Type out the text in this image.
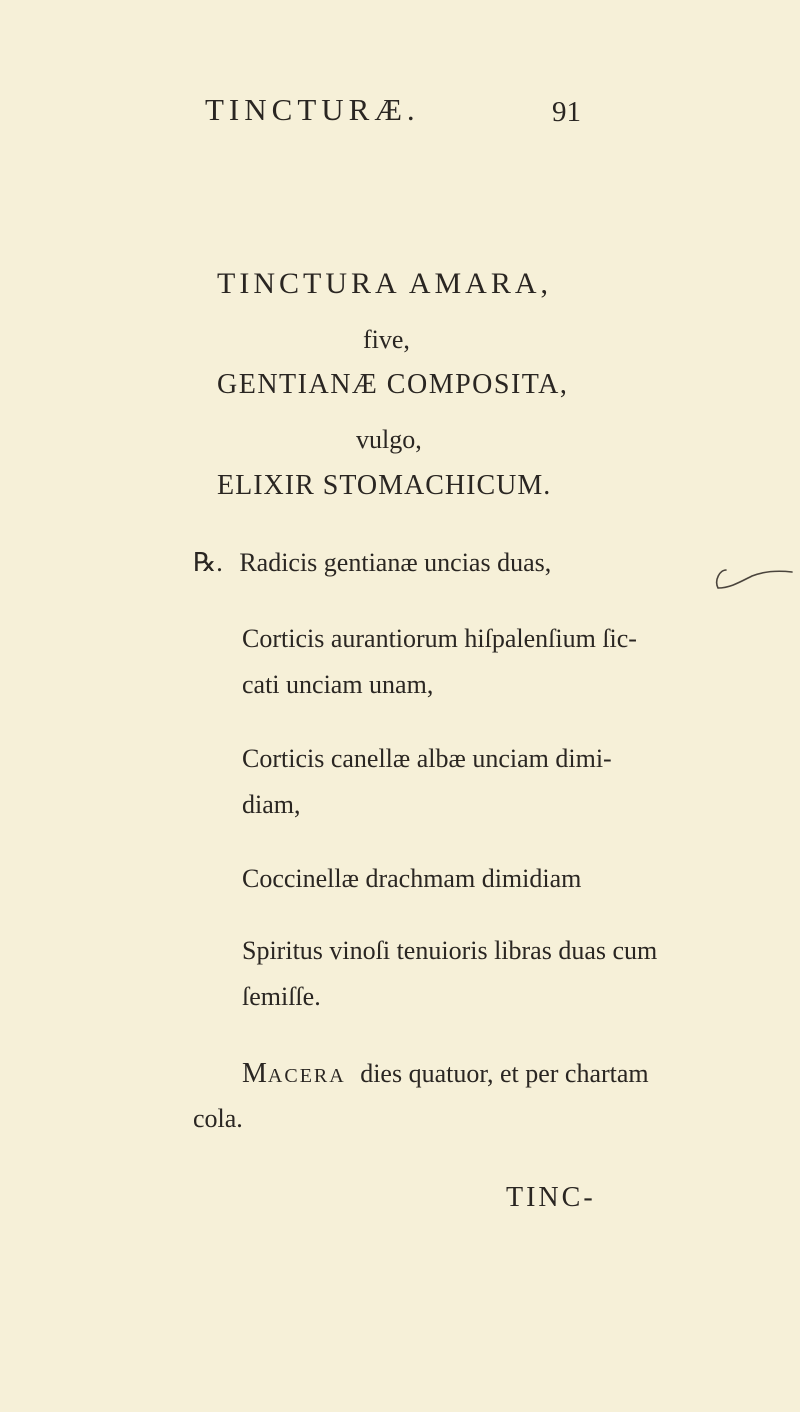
TINCTURÆ.	91
TINCTURA AMARA,
five,
GENTIANÆ COMPOSITA,
vulgo,
ELIXIR STOMACHICUM.
℞. Radicis gentianæ uncias duas,
Corticis aurantiorum hiſpalenſium ſic-
cati unciam unam,
Corticis canellæ albæ unciam dimi-
diam,
Coccinellæ drachmam dimidiam
Spiritus vinoſi tenuioris libras duas cum
ſemiſſe.
MACERA dies quatuor, et per chartam
cola.
TINC-
